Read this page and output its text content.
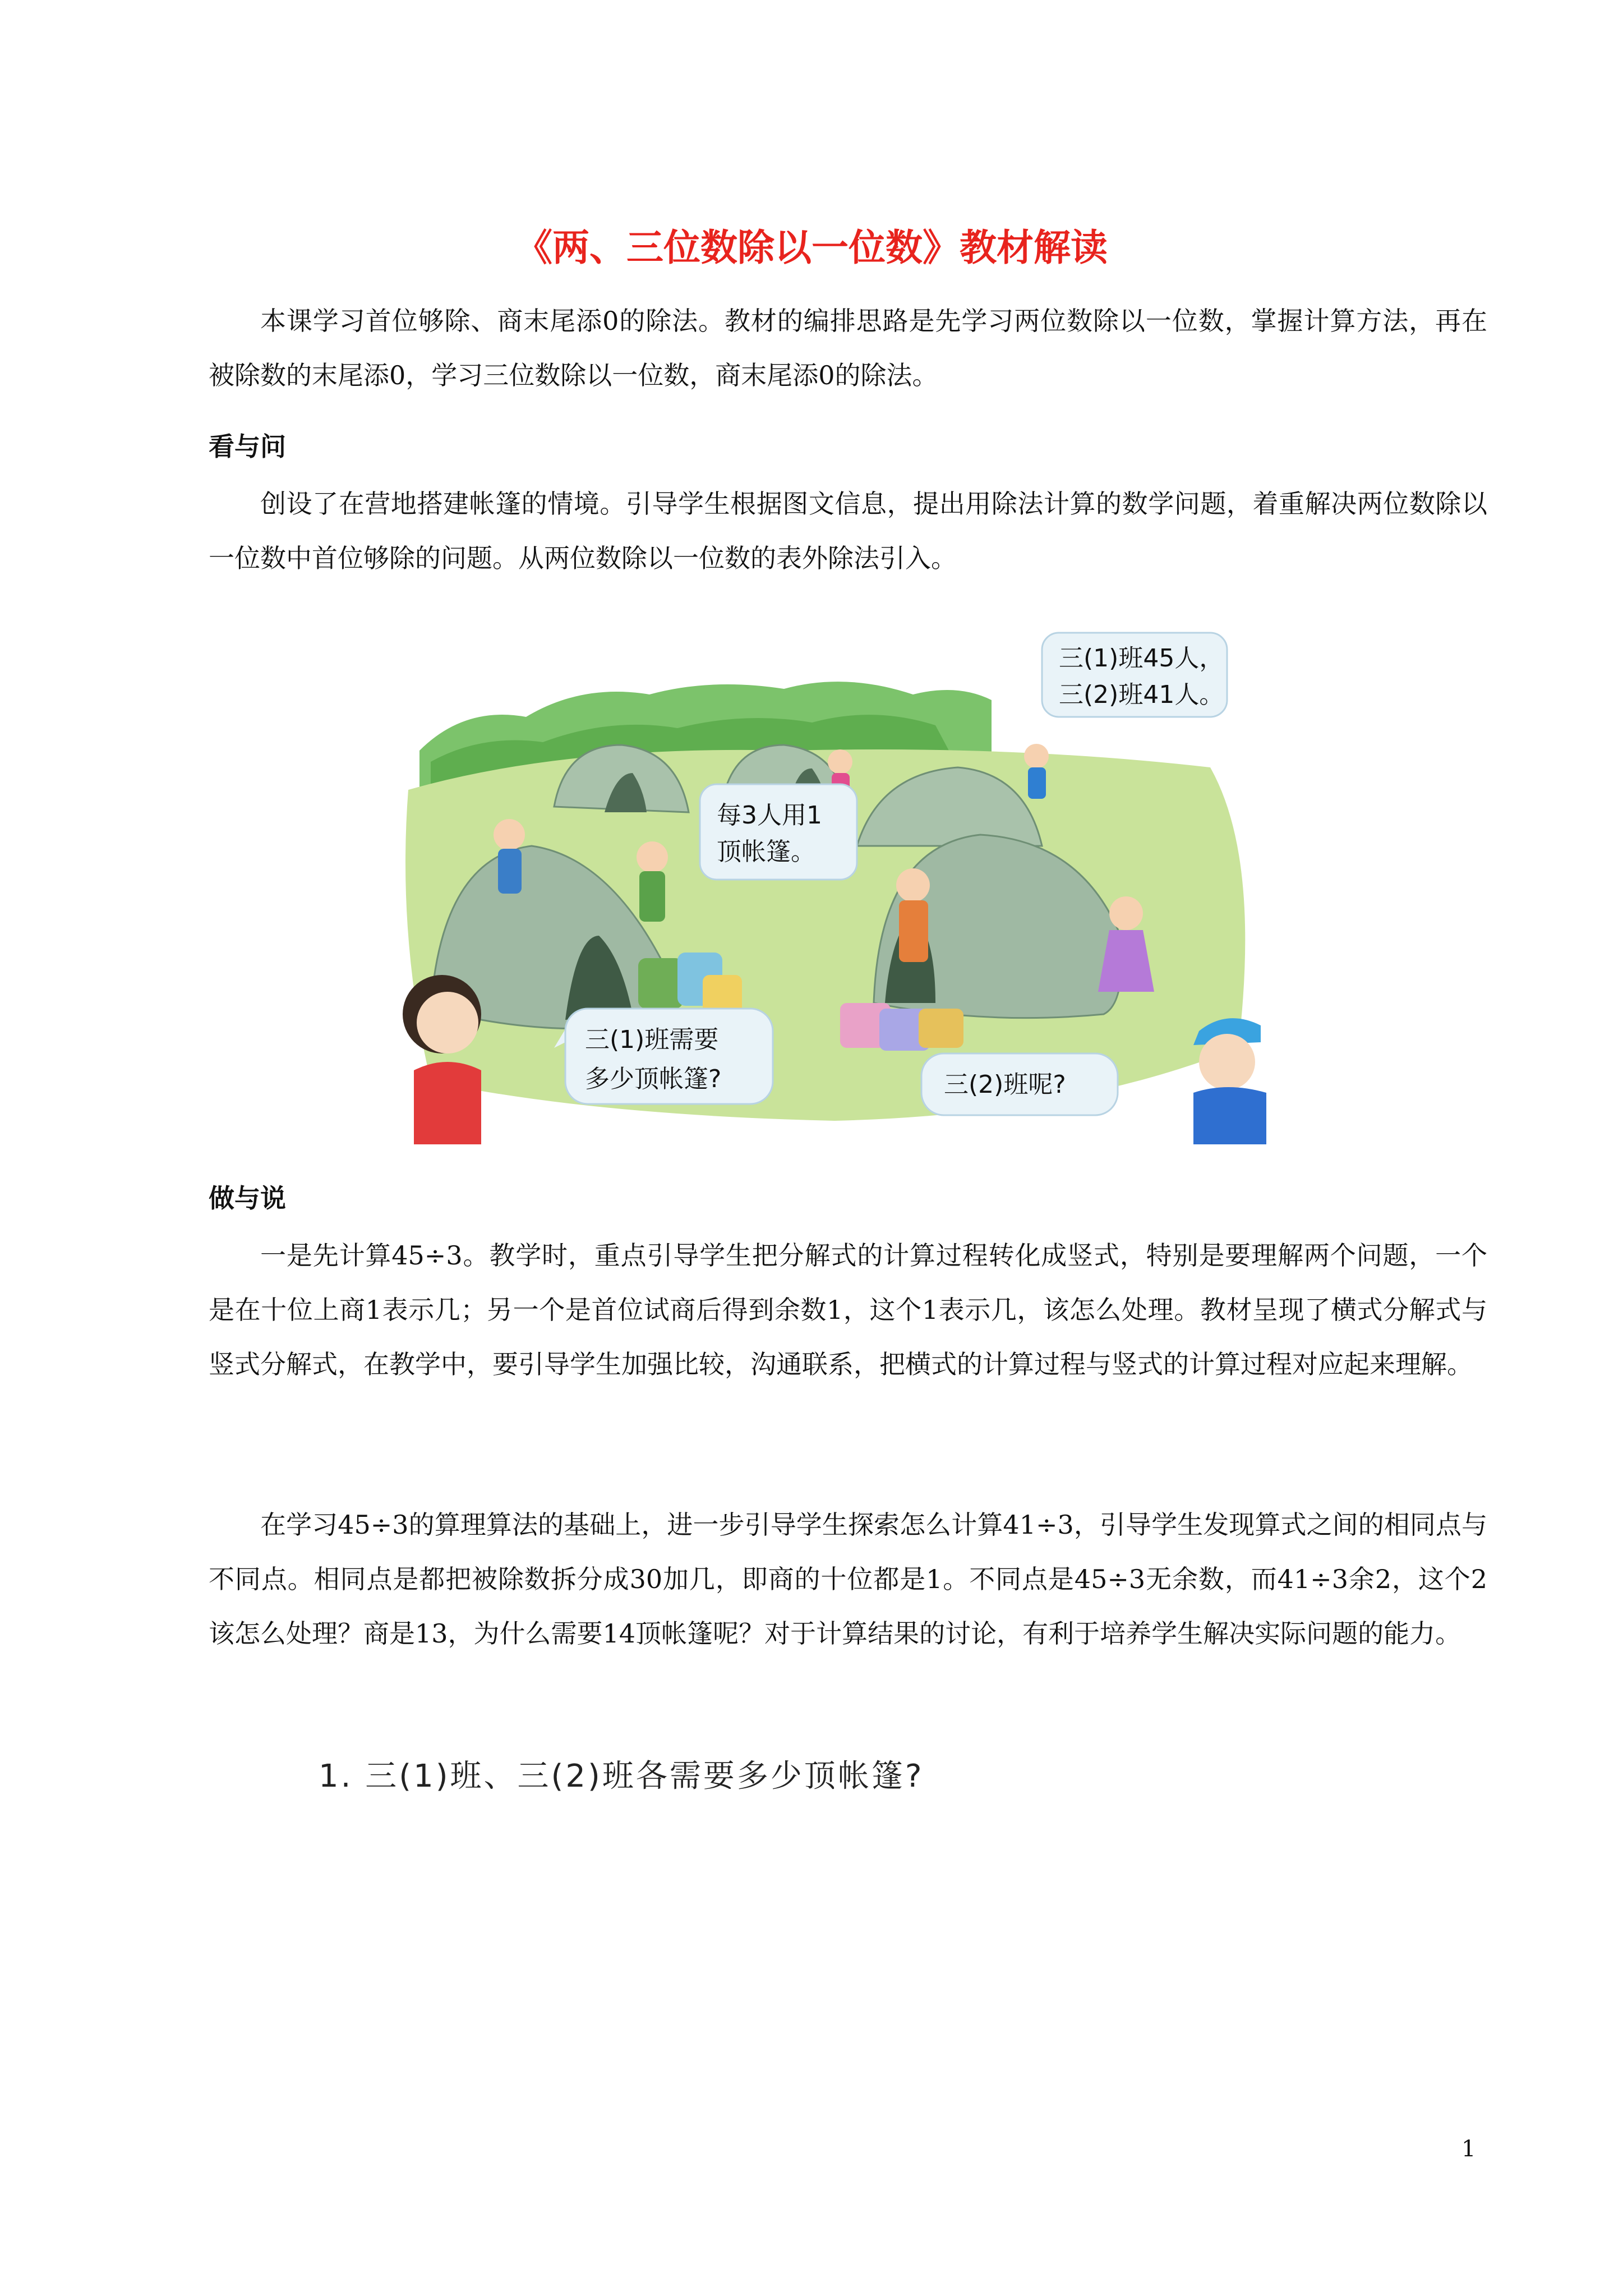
《两、三位数除以一位数》教材解读

本课学习首位够除、商末尾添0的除法。教材的编排思路是先学习两位数除以一位数，掌握计算方法，再在被除数的末尾添0，学习三位数除以一位数，商末尾添0的除法。

看与问

创设了在营地搭建帐篷的情境。引导学生根据图文信息，提出用除法计算的数学问题，着重解决两位数除以一位数中首位够除的问题。从两位数除以一位数的表外除法引入。

三(1)班45人，
三(2)班41人。
每3人用1
顶帐篷。
三(1)班需要
多少顶帐篷?	三(2)班呢?
做与说

一是先计算45÷3。教学时，重点引导学生把分解式的计算过程转化成竖式，特别是要理解两个问题，一个是在十位上商1表示几；另一个是首位试商后得到余数1，这个1表示几，该怎么处理。教材呈现了横式分解式与竖式分解式，在教学中，要引导学生加强比较，沟通联系，把横式的计算过程与竖式的计算过程对应起来理解。

在学习45÷3的算理算法的基础上，进一步引导学生探索怎么计算41÷3，引导学生发现算式之间的相同点与不同点。相同点是都把被除数拆分成30加几，即商的十位都是1。不同点是45÷3无余数，而41÷3余2，这个2该怎么处理？商是13，为什么需要14顶帐篷呢？对于计算结果的讨论，有利于培养学生解决实际问题的能力。

1. 三(1)班、三(2)班各需要多少顶帐篷?
1
